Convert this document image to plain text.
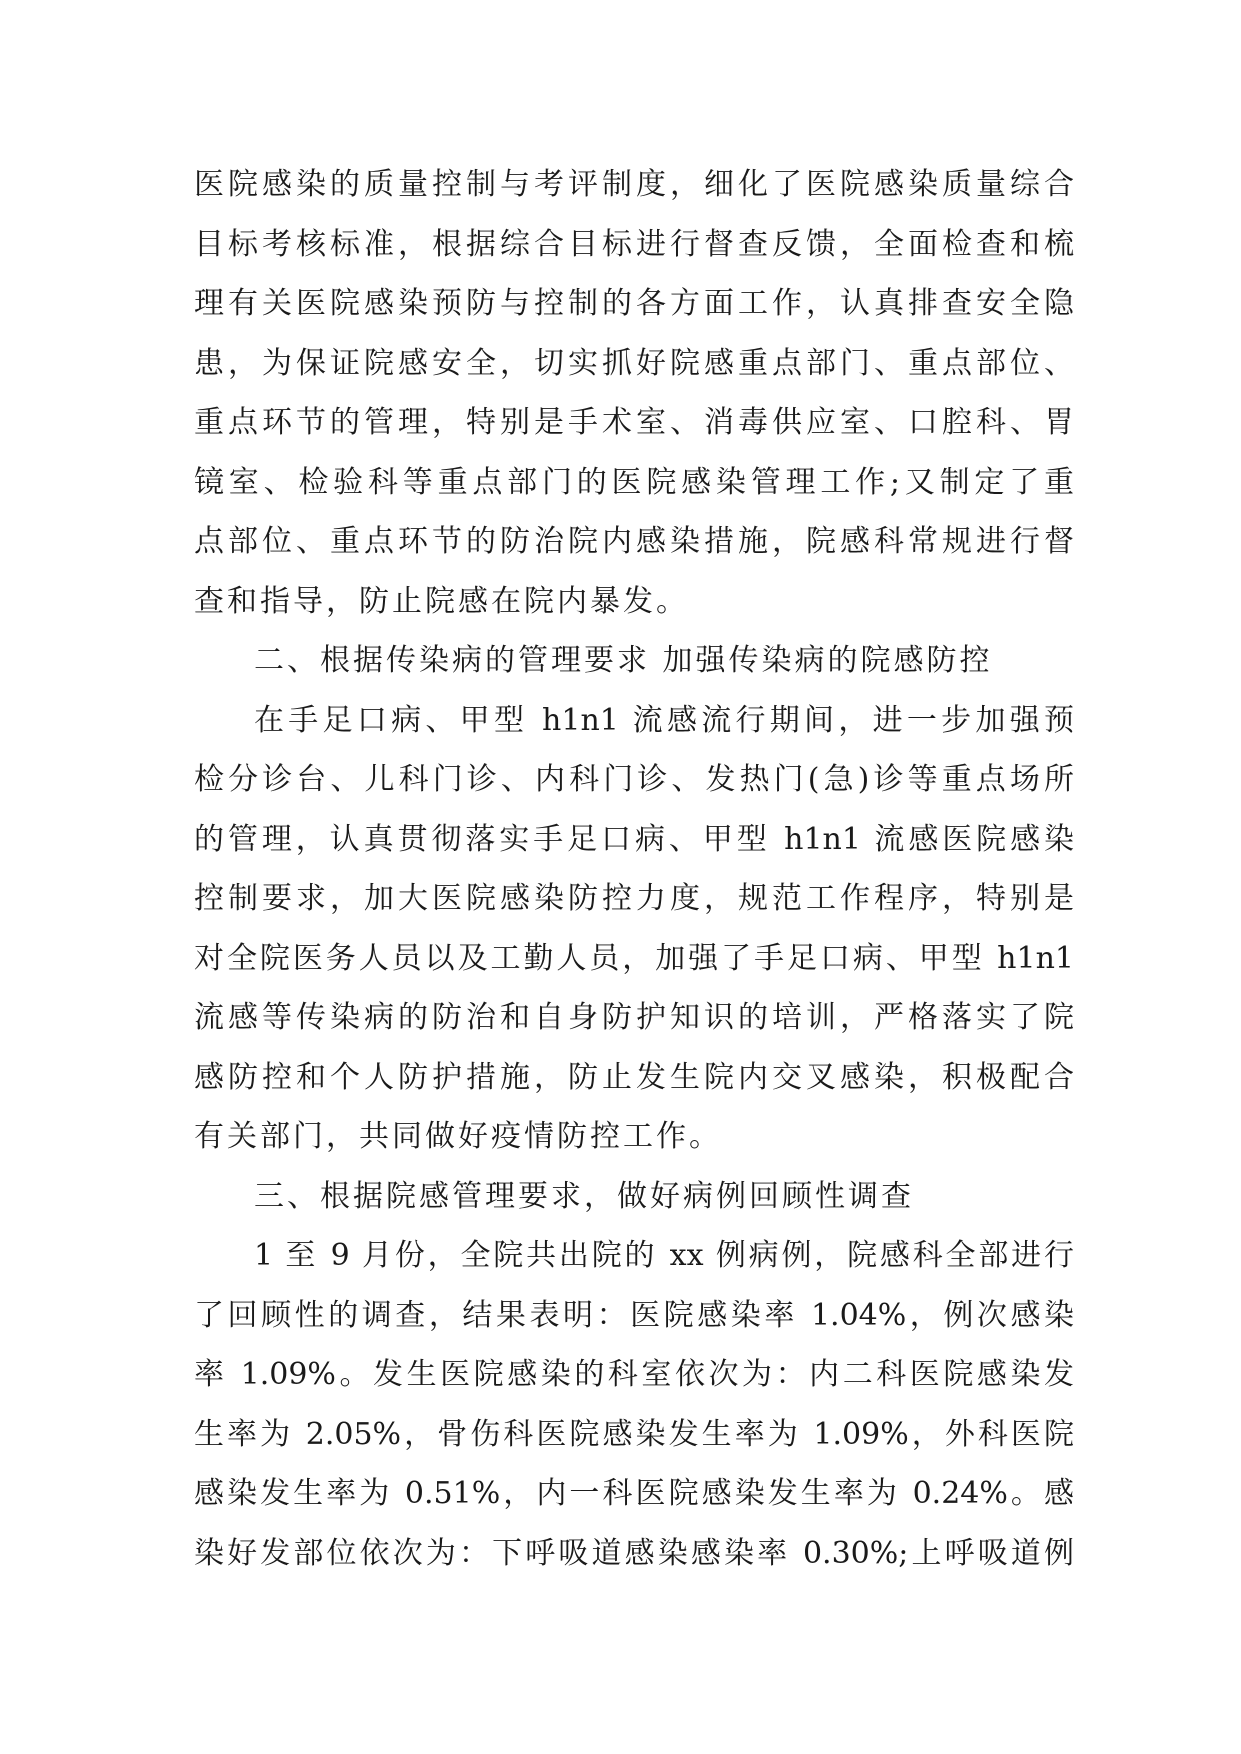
医院感染的质量控制与考评制度，细化了医院感染质量综合
目标考核标准，根据综合目标进行督查反馈，全面检查和梳
理有关医院感染预防与控制的各方面工作，认真排查安全隐
患，为保证院感安全，切实抓好院感重点部门、重点部位、
重点环节的管理，特别是手术室、消毒供应室、口腔科、胃
镜室、检验科等重点部门的医院感染管理工作;又制定了重
点部位、重点环节的防治院内感染措施，院感科常规进行督
查和指导，防止院感在院内暴发。
二、根据传染病的管理要求 加强传染病的院感防控
在手足口病、甲型 h1n1 流感流行期间，进一步加强预
检分诊台、儿科门诊、内科门诊、发热门(急)诊等重点场所
的管理，认真贯彻落实手足口病、甲型 h1n1 流感医院感染
控制要求，加大医院感染防控力度，规范工作程序，特别是
对全院医务人员以及工勤人员，加强了手足口病、甲型 h1n1
流感等传染病的防治和自身防护知识的培训，严格落实了院
感防控和个人防护措施，防止发生院内交叉感染，积极配合
有关部门，共同做好疫情防控工作。
三、根据院感管理要求，做好病例回顾性调查
1 至 9 月份，全院共出院的 xx 例病例，院感科全部进行
了回顾性的调查，结果表明：医院感染率 1.04%，例次感染
率 1.09%。发生医院感染的科室依次为：内二科医院感染发
生率为 2.05%，骨伤科医院感染发生率为 1.09%，外科医院
感染发生率为 0.51%，内一科医院感染发生率为 0.24%。感
染好发部位依次为：下呼吸道感染感染率 0.30%;上呼吸道例
